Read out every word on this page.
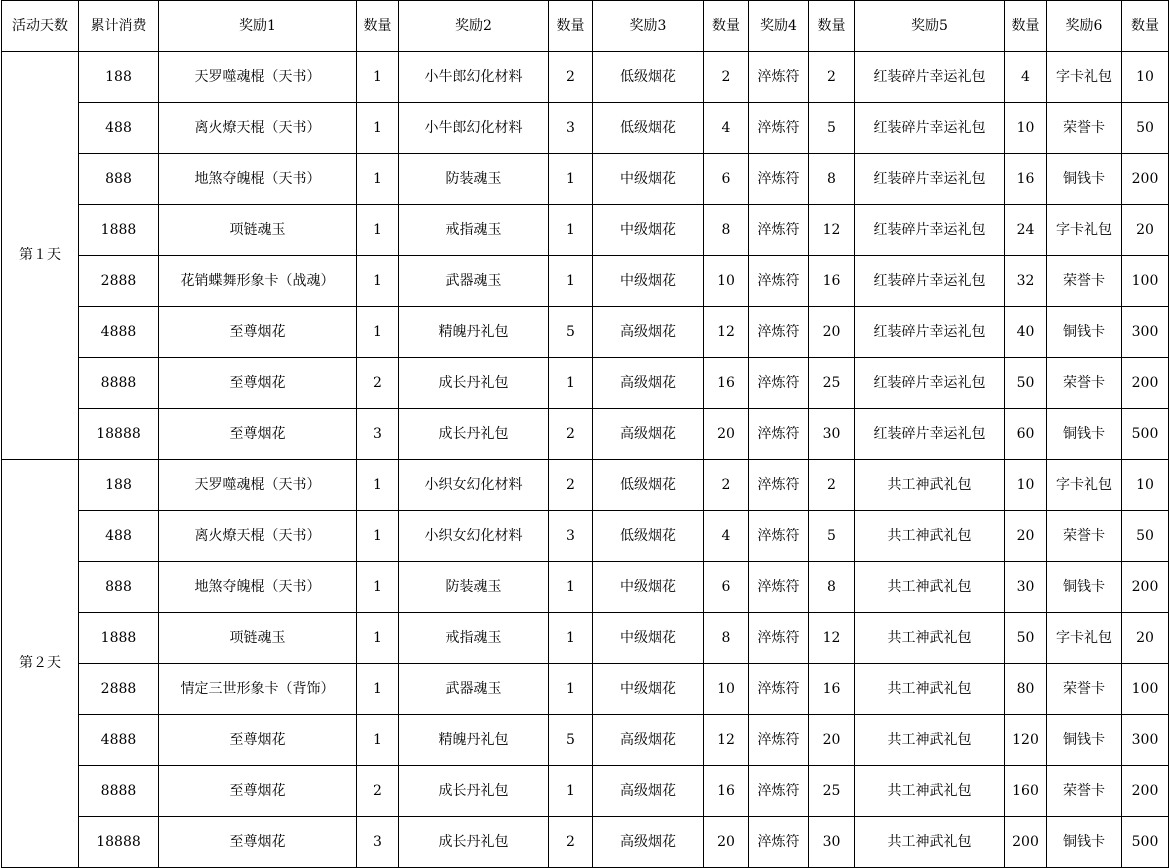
活动天数	累计消费	奖励1	数量	奖励2	数量	奖励3	数量	奖励4	数量	奖励5	数量	奖励6	数量
第１天	188	天罗噬魂棍（天书）	1	小牛郎幻化材料	2	低级烟花	2	淬炼符	2	红装碎片幸运礼包	4	字卡礼包	10
	488	离火燎天棍（天书）	1	小牛郎幻化材料	3	低级烟花	4	淬炼符	5	红装碎片幸运礼包	10	荣誉卡	50
	888	地煞夺魄棍（天书）	1	防装魂玉	1	中级烟花	6	淬炼符	8	红装碎片幸运礼包	16	铜钱卡	200
	1888	项链魂玉	1	戒指魂玉	1	中级烟花	8	淬炼符	12	红装碎片幸运礼包	24	字卡礼包	20
	2888	花销蝶舞形象卡（战魂）	1	武器魂玉	1	中级烟花	10	淬炼符	16	红装碎片幸运礼包	32	荣誉卡	100
	4888	至尊烟花	1	精魄丹礼包	5	高级烟花	12	淬炼符	20	红装碎片幸运礼包	40	铜钱卡	300
	8888	至尊烟花	2	成长丹礼包	1	高级烟花	16	淬炼符	25	红装碎片幸运礼包	50	荣誉卡	200
	18888	至尊烟花	3	成长丹礼包	2	高级烟花	20	淬炼符	30	红装碎片幸运礼包	60	铜钱卡	500
第２天	188	天罗噬魂棍（天书）	1	小织女幻化材料	2	低级烟花	2	淬炼符	2	共工神武礼包	10	字卡礼包	10
	488	离火燎天棍（天书）	1	小织女幻化材料	3	低级烟花	4	淬炼符	5	共工神武礼包	20	荣誉卡	50
	888	地煞夺魄棍（天书）	1	防装魂玉	1	中级烟花	6	淬炼符	8	共工神武礼包	30	铜钱卡	200
	1888	项链魂玉	1	戒指魂玉	1	中级烟花	8	淬炼符	12	共工神武礼包	50	字卡礼包	20
	2888	情定三世形象卡（背饰）	1	武器魂玉	1	中级烟花	10	淬炼符	16	共工神武礼包	80	荣誉卡	100
	4888	至尊烟花	1	精魄丹礼包	5	高级烟花	12	淬炼符	20	共工神武礼包	120	铜钱卡	300
	8888	至尊烟花	2	成长丹礼包	1	高级烟花	16	淬炼符	25	共工神武礼包	160	荣誉卡	200
	18888	至尊烟花	3	成长丹礼包	2	高级烟花	20	淬炼符	30	共工神武礼包	200	铜钱卡	500
